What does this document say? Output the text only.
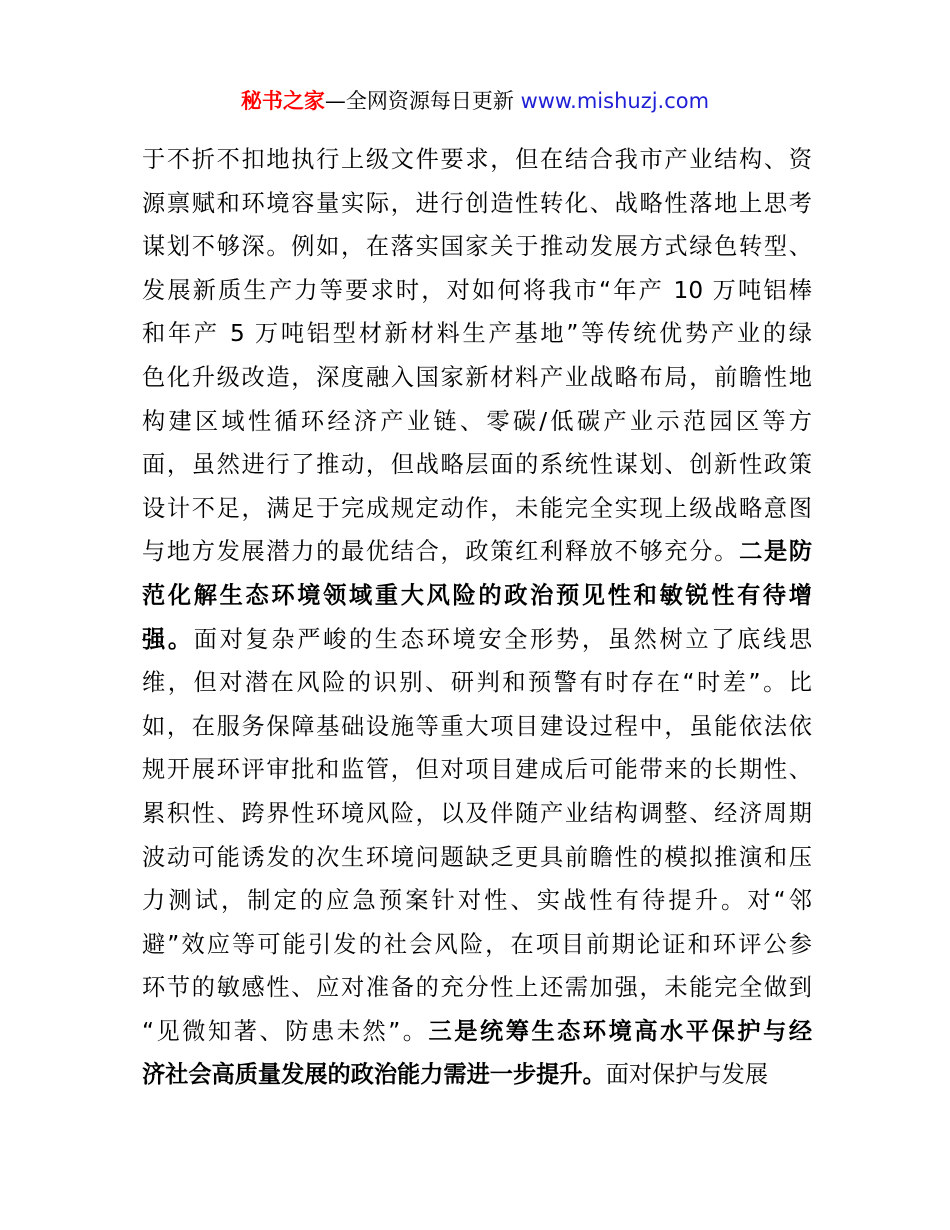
秘书之家—全网资源每日更新 www.mishuzj.com
于不折不扣地执行上级文件要求，但在结合我市产业结构、资
源禀赋和环境容量实际，进行创造性转化、战略性落地上思考
谋划不够深。例如，在落实国家关于推动发展方式绿色转型、
发展新质生产力等要求时，对如何将我市“年产 10 万吨铝棒
和年产 5 万吨铝型材新材料生产基地”等传统优势产业的绿
色化升级改造，深度融入国家新材料产业战略布局，前瞻性地
构建区域性循环经济产业链、零碳/低碳产业示范园区等方
面，虽然进行了推动，但战略层面的系统性谋划、创新性政策
设计不足，满足于完成规定动作，未能完全实现上级战略意图
与地方发展潜力的最优结合，政策红利释放不够充分。二是防
范化解生态环境领域重大风险的政治预见性和敏锐性有待增
强。面对复杂严峻的生态环境安全形势，虽然树立了底线思
维，但对潜在风险的识别、研判和预警有时存在“时差”。比
如，在服务保障基础设施等重大项目建设过程中，虽能依法依
规开展环评审批和监管，但对项目建成后可能带来的长期性、
累积性、跨界性环境风险，以及伴随产业结构调整、经济周期
波动可能诱发的次生环境问题缺乏更具前瞻性的模拟推演和压
力测试，制定的应急预案针对性、实战性有待提升。对“邻
避”效应等可能引发的社会风险，在项目前期论证和环评公参
环节的敏感性、应对准备的充分性上还需加强，未能完全做到
“见微知著、防患未然”。三是统筹生态环境高水平保护与经
济社会高质量发展的政治能力需进一步提升。面对保护与发展
